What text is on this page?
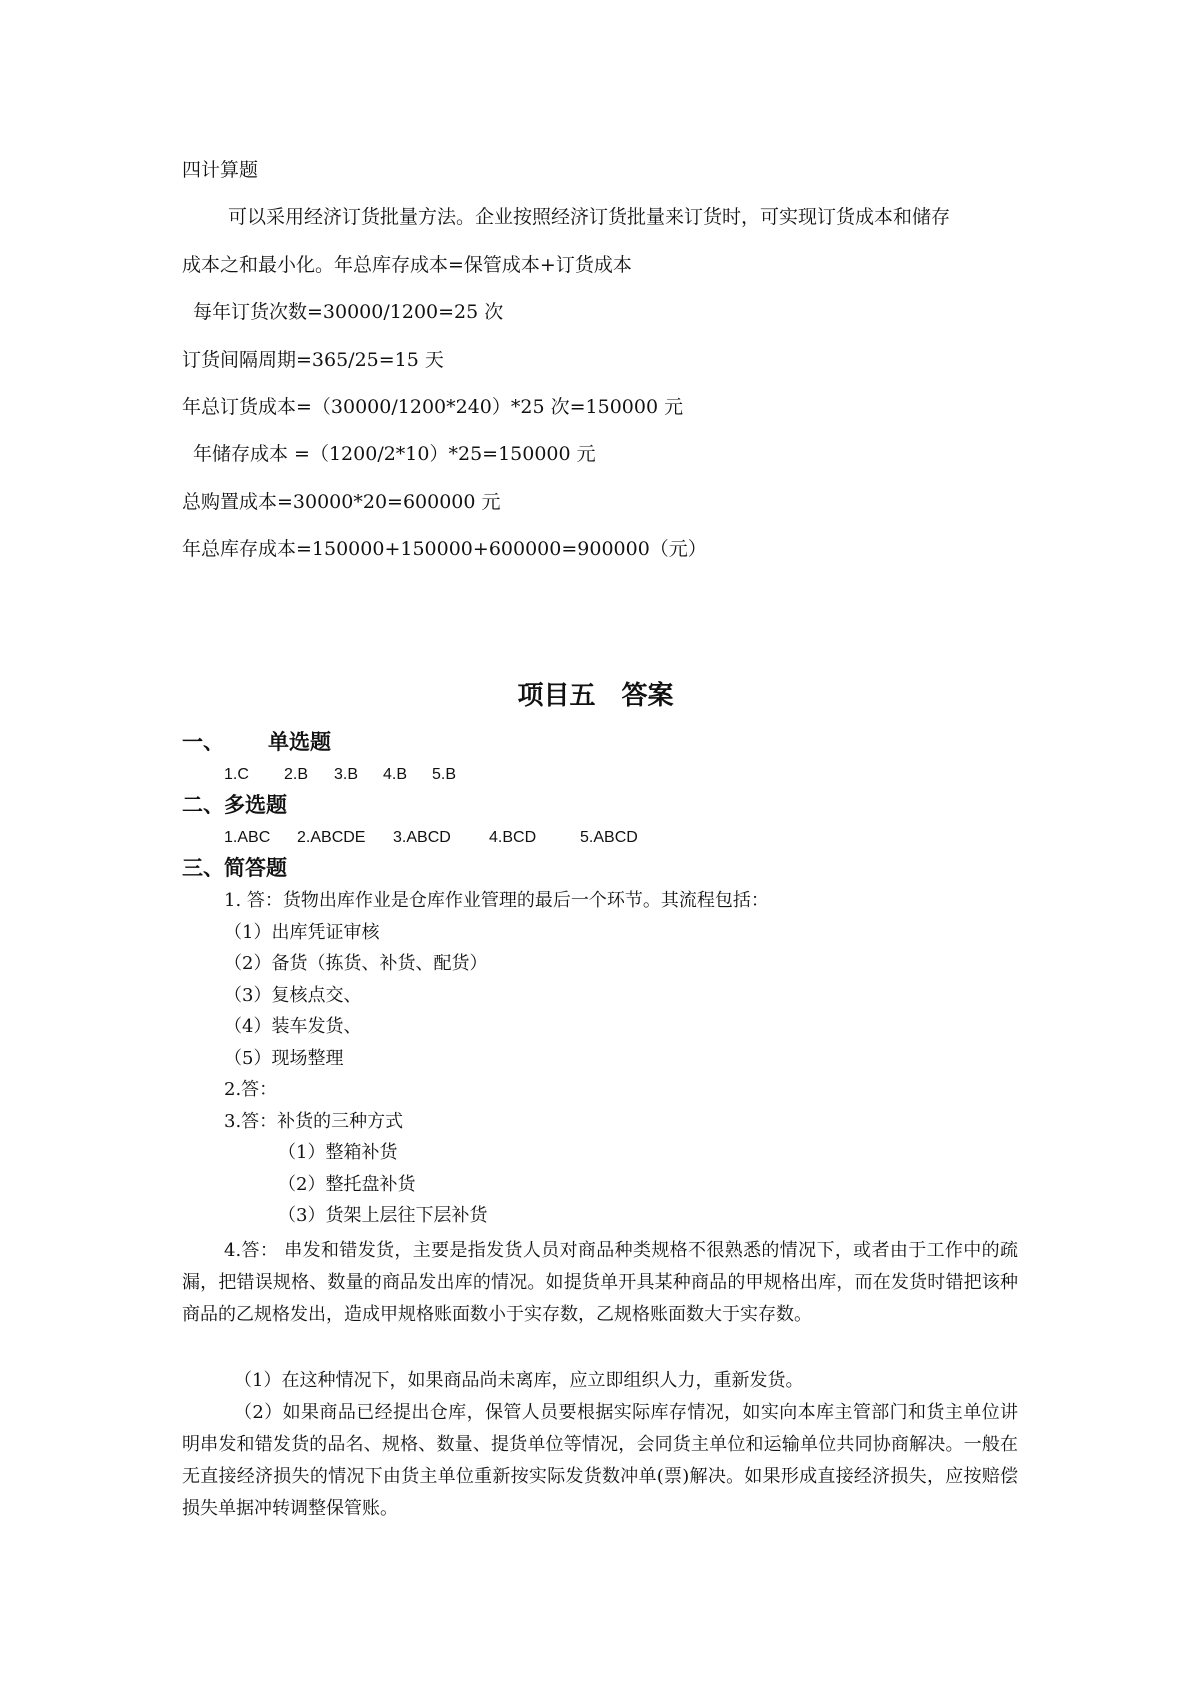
四计算题
可以采用经济订货批量方法。企业按照经济订货批量来订货时，可实现订货成本和储存
成本之和最小化。年总库存成本=保管成本+订货成本
每年订货次数=30000/1200=25 次
订货间隔周期=365/25=15 天
年总订货成本=（30000/1200*240）*25 次=150000 元
年储存成本 =（1200/2*10）*25=150000 元
总购置成本=30000*20=600000 元
年总库存成本=150000+150000+600000=900000（元）
项目五　答案
一、 单选题
1.C 2.B 3.B 4.B 5.B
二、多选题
1.ABC 2.ABCDE 3.ABCD 4.BCD	5.ABCD
三、简答题
1. 答：货物出库作业是仓库作业管理的最后一个环节。其流程包括：
（1）出库凭证审核
（2）备货（拣货、补货、配货）
（3）复核点交、
（4）装车发货、
（5）现场整理
2.答：
3.答：补货的三种方式
（1）整箱补货
（2）整托盘补货
（3）货架上层往下层补货
4.答： 串发和错发货，主要是指发货人员对商品种类规格不很熟悉的情况下，或者由于工作中的疏漏，把错误规格、数量的商品发出库的情况。如提货单开具某种商品的甲规格出库，而在发货时错把该种商品的乙规格发出，造成甲规格账面数小于实存数，乙规格账面数大于实存数。
（1）在这种情况下，如果商品尚未离库，应立即组织人力，重新发货。
（2）如果商品已经提出仓库，保管人员要根据实际库存情况，如实向本库主管部门和货主单位讲明串发和错发货的品名、规格、数量、提货单位等情况，会同货主单位和运输单位共同协商解决。一般在无直接经济损失的情况下由货主单位重新按实际发货数冲单(票)解决。如果形成直接经济损失，应按赔偿损失单据冲转调整保管账。
